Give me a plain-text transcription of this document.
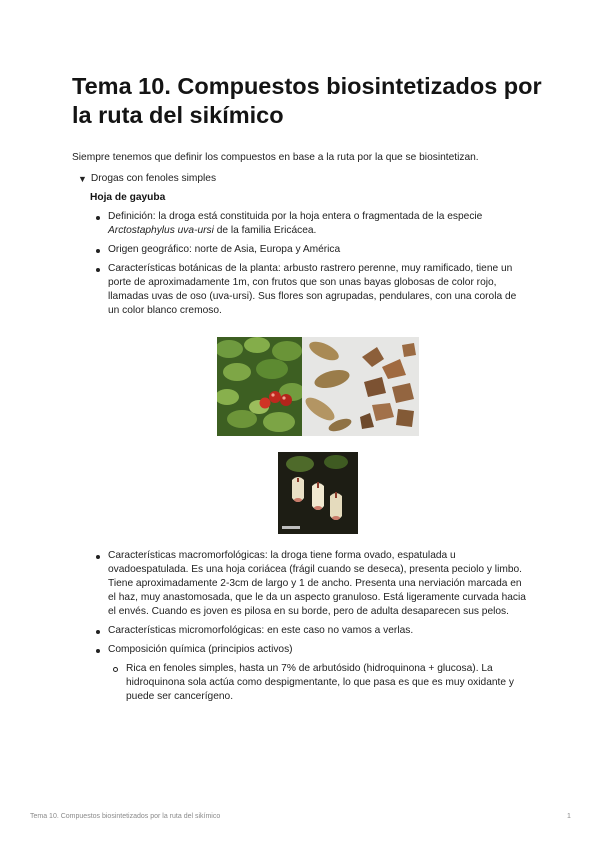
Tema 10. Compuestos biosintetizados por la ruta del sikímico

Siempre tenemos que definir los compuestos en base a la ruta por la que se biosintetizan.

▼ Drogas con fenoles simples
Hoja de gayuba
Definición: la droga está constituida por la hoja entera o fragmentada de la especie Arctostaphylus uva-ursi de la familia Ericácea.
Origen geográfico: norte de Asia, Europa y América
Características botánicas de la planta: arbusto rastrero perenne, muy ramificado, tiene un porte de aproximadamente 1m, con frutos que son unas bayas globosas de color rojo, llamadas uvas de oso (uva-ursi). Sus flores son agrupadas, pendulares, con una corola de un color blanco cremoso.
Características macromorfológicas: la droga tiene forma ovado, espatulada u ovadoespatulada. Es una hoja coriácea (frágil cuando se deseca), presenta peciolo y limbo. Tiene aproximadamente 2-3cm de largo y 1 de ancho. Presenta una nerviación marcada en el haz, muy anastomosada, que le da un aspecto granuloso. Está ligeramente curvada hacia el envés. Cuando es joven es pilosa en su borde, pero de adulta desaparecen sus pelos.
Características micromorfológicas: en este caso no vamos a verlas.
Composición química (principios activos)
Rica en fenoles simples, hasta un 7% de arbutósido (hidroquinona + glucosa). La hidroquinona sola actúa como despigmentante, lo que pasa es que es muy oxidante y puede ser cancerígeno.
Tema 10. Compuestos biosintetizados por la ruta del sikímico	1
